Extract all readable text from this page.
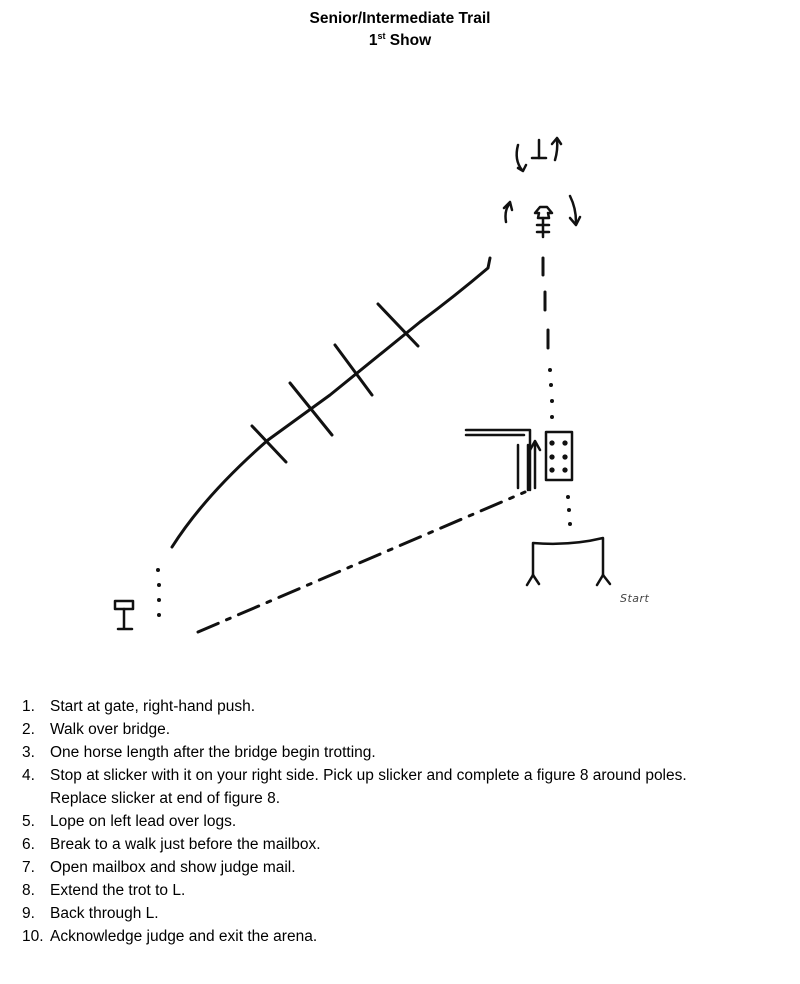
Senior/Intermediate Trail
1st Show
Start
1. Start at gate, right-hand push.
2. Walk over bridge.
3. One horse length after the bridge begin trotting.
4. Stop at slicker with it on your right side. Pick up slicker and complete a figure 8 around poles.
Replace slicker at end of figure 8.
5. Lope on left lead over logs.
6. Break to a walk just before the mailbox.
7. Open mailbox and show judge mail.
8. Extend the trot to L.
9. Back through L.
10. Acknowledge judge and exit the arena.
